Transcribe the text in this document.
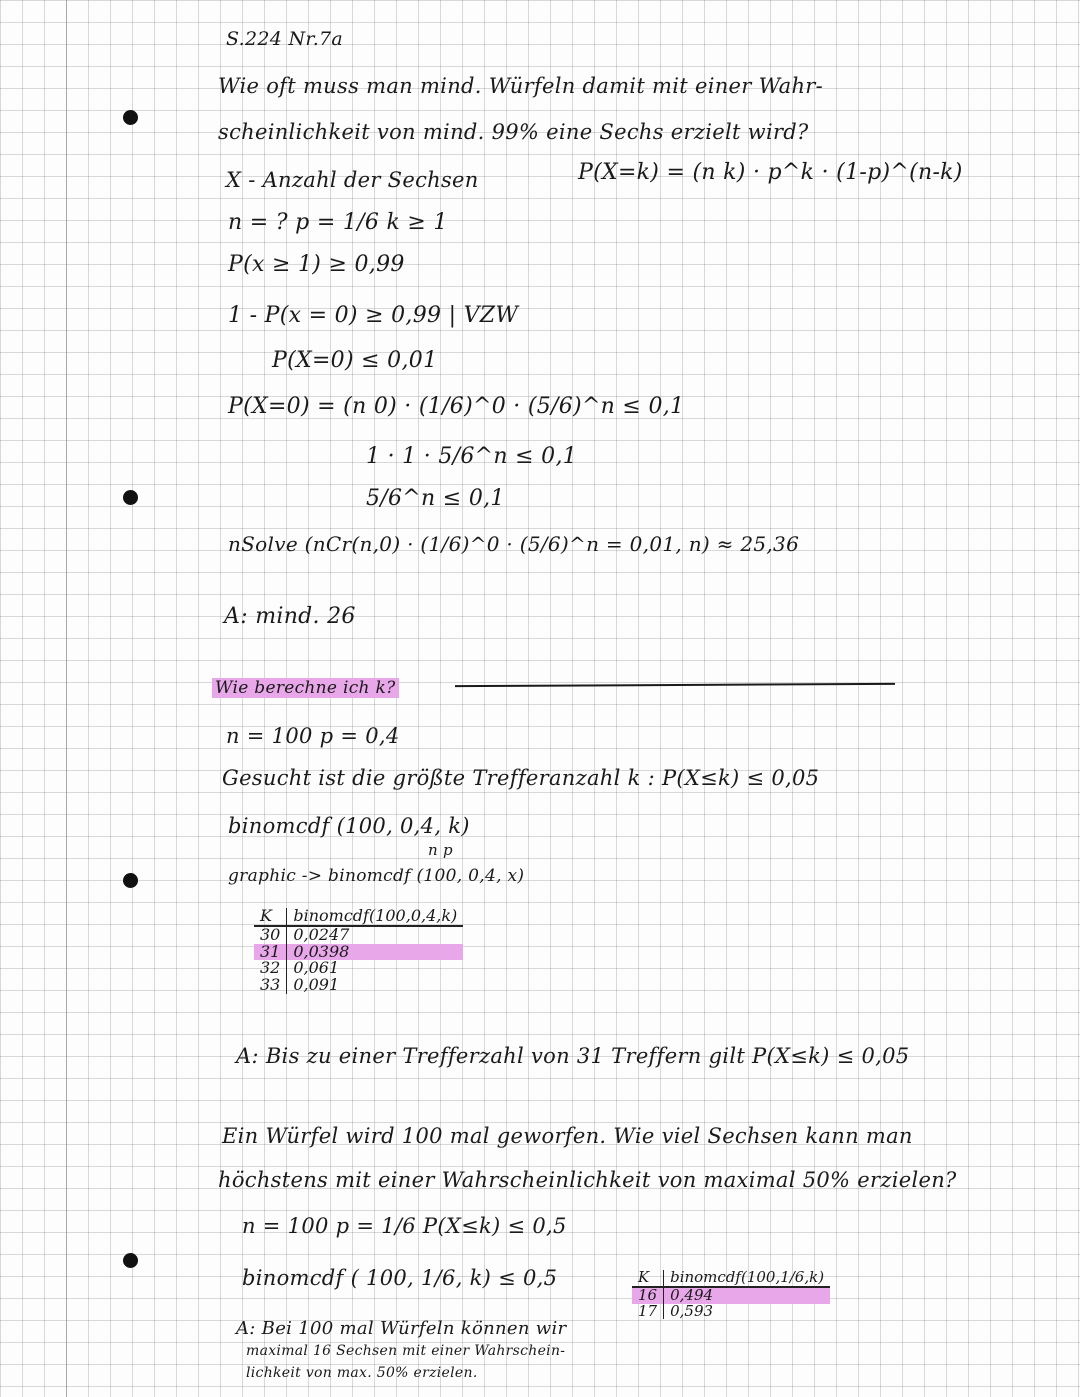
S.224 Nr.7a
Wie oft muss man mind. Würfeln damit mit einer Wahr-
scheinlichkeit von mind. 99% eine Sechs erzielt wird?
X - Anzahl der Sechsen	P(X=k) = (n k) · p^k · (1-p)^(n-k)
n = ? p = 1/6 k ≥ 1
P(x ≥ 1) ≥ 0,99
1 - P(x = 0) ≥ 0,99 | VZW
P(X=0) ≤ 0,01
P(X=0) = (n 0) · (1/6)^0 · (5/6)^n ≤ 0,1
1 · 1 · 5/6^n ≤ 0,1
5/6^n ≤ 0,1
nSolve (nCr(n,0) · (1/6)^0 · (5/6)^n = 0,01, n) ≈ 25,36
A: mind. 26
Wie berechne ich k?
n = 100 p = 0,4
Gesucht ist die größte Trefferanzahl k : P(X≤k) ≤ 0,05
binomcdf (100, 0,4, k)
n p
graphic -> binomcdf (100, 0,4, x)
K	binomcdf(100,0,4,k)
30	0,0247
31	0,0398
32	0,061
33	0,091
A: Bis zu einer Trefferzahl von 31 Treffern gilt P(X≤k) ≤ 0,05
Ein Würfel wird 100 mal geworfen. Wie viel Sechsen kann man
höchstens mit einer Wahrscheinlichkeit von maximal 50% erzielen?
n = 100 p = 1/6 P(X≤k) ≤ 0,5
binomcdf ( 100, 1/6, k) ≤ 0,5	K	binomcdf(100,1/6,k)
16	0,494
17	0,593
A: Bei 100 mal Würfeln können wir
maximal 16 Sechsen mit einer Wahrschein-
lichkeit von max. 50% erzielen.
